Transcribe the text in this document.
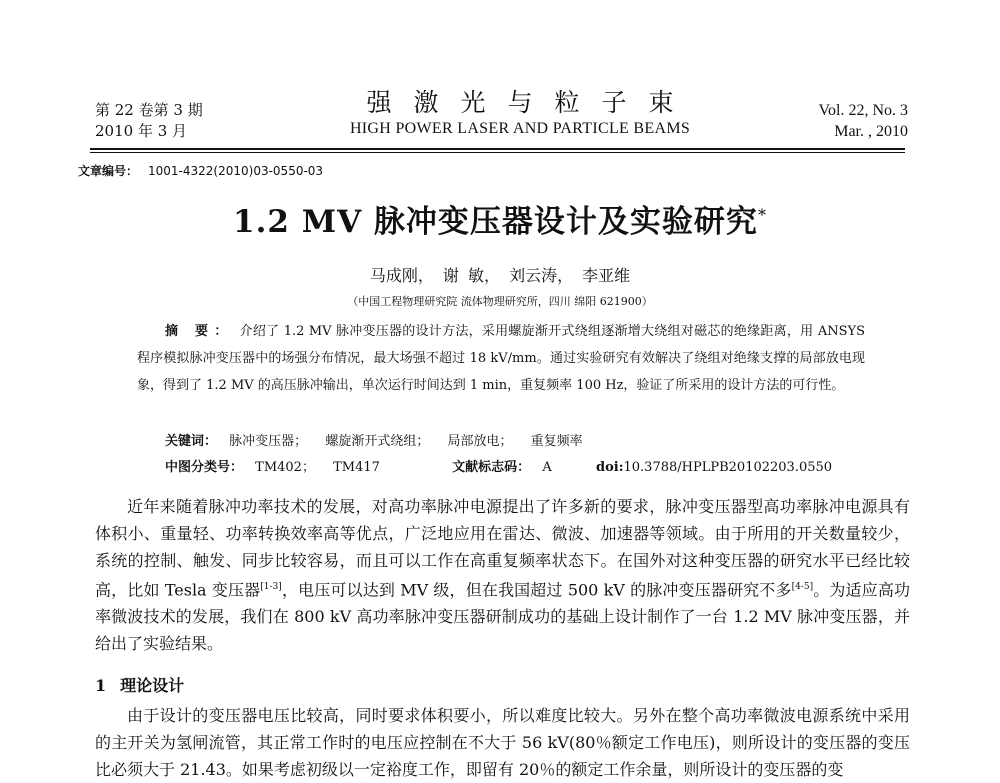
第 22 卷第 3 期
2010 年 3 月
强激光与粒子束
HIGH POWER LASER AND PARTICLE BEAMS
Vol. 22, No. 3
Mar. , 2010
文章编号： 1001-4322(2010)03-0550-03
1.2 MV 脉冲变压器设计及实验研究*
马成刚， 谢 敏， 刘云涛， 李亚维
（中国工程物理研究院 流体物理研究所，四川 绵阳 621900）
摘 要： 介绍了 1.2 MV 脉冲变压器的设计方法，采用螺旋渐开式绕组逐渐增大绕组对磁芯的绝缘距离，用 ANSYS 程序模拟脉冲变压器中的场强分布情况，最大场强不超过 18 kV/mm。通过实验研究有效解决了绕组对绝缘支撑的局部放电现象，得到了 1.2 MV 的高压脉冲输出，单次运行时间达到 1 min，重复频率 100 Hz，验证了所采用的设计方法的可行性。
关键词： 脉冲变压器； 螺旋渐开式绕组； 局部放电； 重复频率
中图分类号： TM402； TM417	文献标志码： A	doi:10.3788/HPLPB20102203.0550
近年来随着脉冲功率技术的发展，对高功率脉冲电源提出了许多新的要求，脉冲变压器型高功率脉冲电源具有体积小、重量轻、功率转换效率高等优点，广泛地应用在雷达、微波、加速器等领域。由于所用的开关数量较少，系统的控制、触发、同步比较容易，而且可以工作在高重复频率状态下。在国外对这种变压器的研究水平已经比较高，比如 Tesla 变压器[1-3]，电压可以达到 MV 级，但在我国超过 500 kV 的脉冲变压器研究不多[4-5]。为适应高功率微波技术的发展，我们在 800 kV 高功率脉冲变压器研制成功的基础上设计制作了一台 1.2 MV 脉冲变压器，并给出了实验结果。
1 理论设计
由于设计的变压器电压比较高，同时要求体积要小，所以难度比较大。另外在整个高功率微波电源系统中采用的主开关为氢闸流管，其正常工作时的电压应控制在不大于 56 kV(80％额定工作电压)，则所设计的变压器的变压比必须大于 21.43。如果考虑初级以一定裕度工作，即留有 20％的额定工作余量，则所设计的变压器的变
